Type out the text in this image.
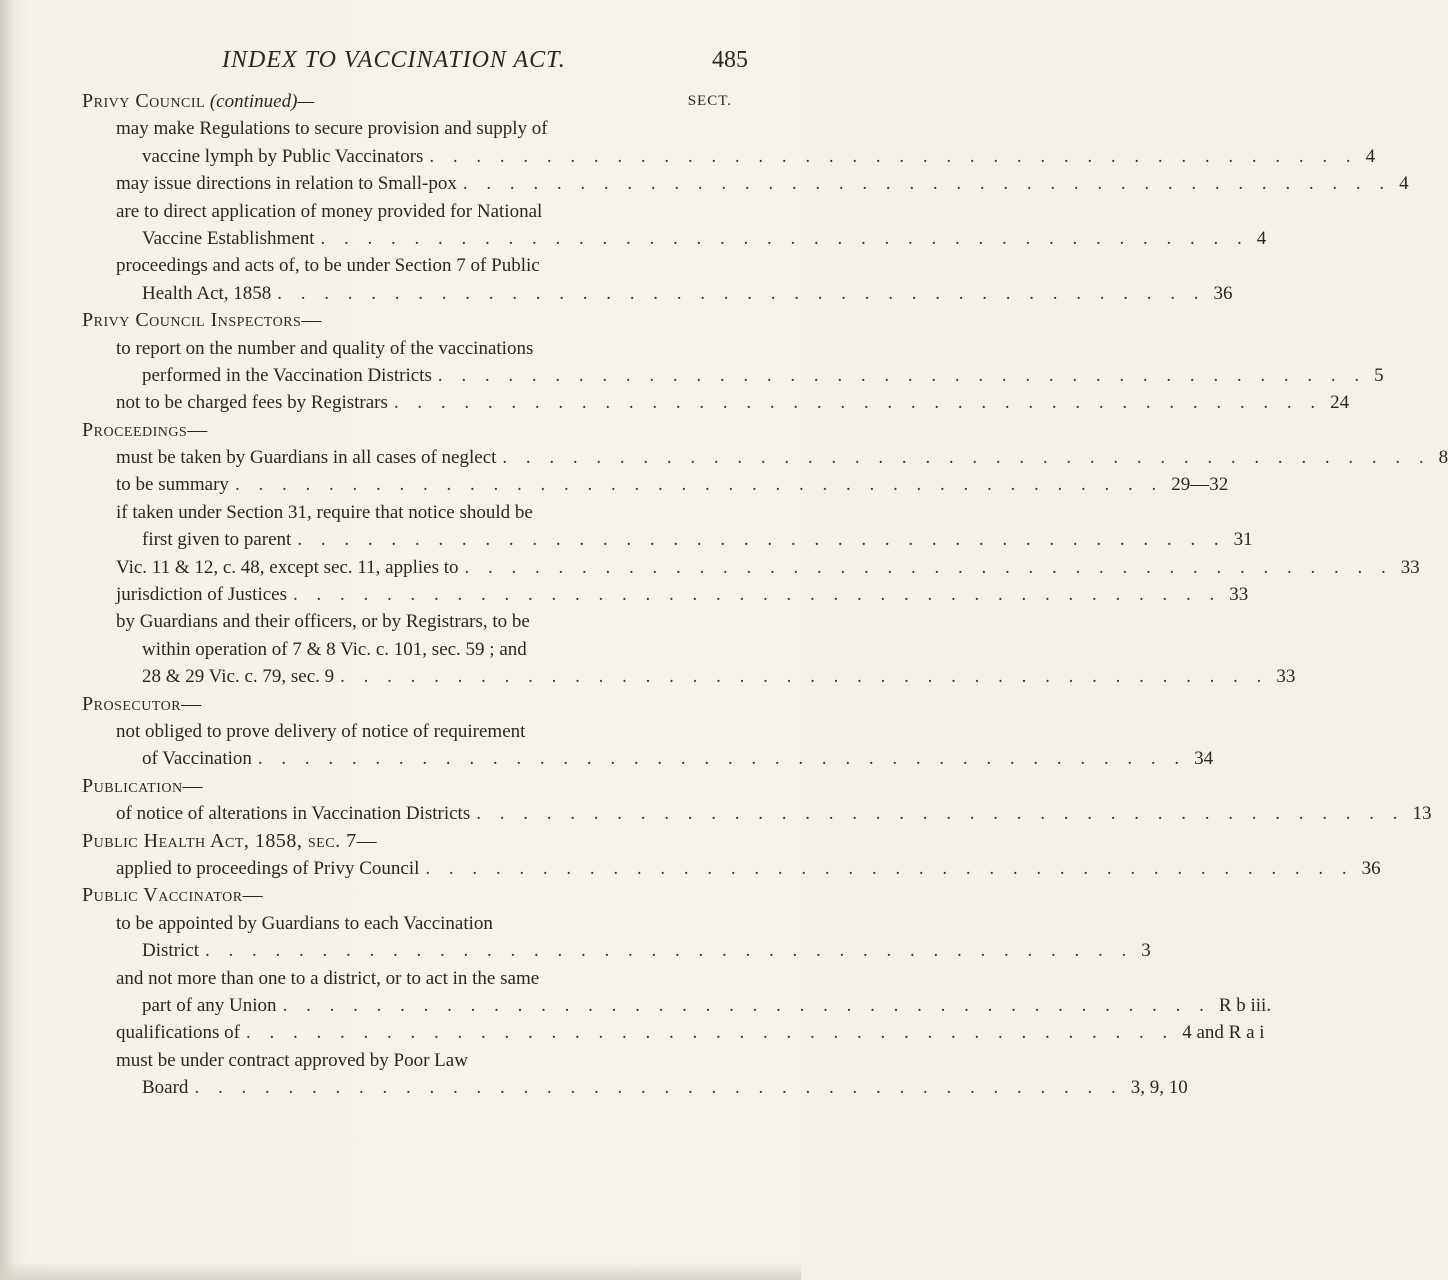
INDEX TO VACCINATION ACT.	485
Privy Council (continued)—	SECT.
may make Regulations to secure provision and supply of
vaccine lymph by Public Vaccinators . . . . . . . . . . . . . . . . . . . . . . . . . . . . . . . . . . . . . . . . 4
may issue directions in relation to Small-pox . . . . . . . . . . . . . . . . . . . . . . . . . . . . . . . . . . . . . . . . 4
are to direct application of money provided for National
Vaccine Establishment . . . . . . . . . . . . . . . . . . . . . . . . . . . . . . . . . . . . . . . . 4
proceedings and acts of, to be under Section 7 of Public
Health Act, 1858 . . . . . . . . . . . . . . . . . . . . . . . . . . . . . . . . . . . . . . . . 36
Privy Council Inspectors—
to report on the number and quality of the vaccinations
performed in the Vaccination Districts . . . . . . . . . . . . . . . . . . . . . . . . . . . . . . . . . . . . . . . . 5
not to be charged fees by Registrars . . . . . . . . . . . . . . . . . . . . . . . . . . . . . . . . . . . . . . . . 24
Proceedings—
must be taken by Guardians in all cases of neglect . . . . . . . . . . . . . . . . . . . . . . . . . . . . . . . . . . . . . . . . 8
to be summary . . . . . . . . . . . . . . . . . . . . . . . . . . . . . . . . . . . . . . . . 29—32
if taken under Section 31, require that notice should be
first given to parent . . . . . . . . . . . . . . . . . . . . . . . . . . . . . . . . . . . . . . . . 31
Vic. 11 & 12, c. 48, except sec. 11, applies to . . . . . . . . . . . . . . . . . . . . . . . . . . . . . . . . . . . . . . . . 33
jurisdiction of Justices . . . . . . . . . . . . . . . . . . . . . . . . . . . . . . . . . . . . . . . . 33
by Guardians and their officers, or by Registrars, to be
within operation of 7 & 8 Vic. c. 101, sec. 59 ; and
28 & 29 Vic. c. 79, sec. 9 . . . . . . . . . . . . . . . . . . . . . . . . . . . . . . . . . . . . . . . . 33
Prosecutor—
not obliged to prove delivery of notice of requirement
of Vaccination . . . . . . . . . . . . . . . . . . . . . . . . . . . . . . . . . . . . . . . . 34
Publication—
of notice of alterations in Vaccination Districts . . . . . . . . . . . . . . . . . . . . . . . . . . . . . . . . . . . . . . . . 13
Public Health Act, 1858, sec. 7—
applied to proceedings of Privy Council . . . . . . . . . . . . . . . . . . . . . . . . . . . . . . . . . . . . . . . . 36
Public Vaccinator—
to be appointed by Guardians to each Vaccination
District . . . . . . . . . . . . . . . . . . . . . . . . . . . . . . . . . . . . . . . . 3
and not more than one to a district, or to act in the same
part of any Union . . . . . . . . . . . . . . . . . . . . . . . . . . . . . . . . . . . . . . . . R b iii.
qualifications of . . . . . . . . . . . . . . . . . . . . . . . . . . . . . . . . . . . . . . . . 4 and R a i
must be under contract approved by Poor Law
Board . . . . . . . . . . . . . . . . . . . . . . . . . . . . . . . . . . . . . . . . 3, 9, 10
